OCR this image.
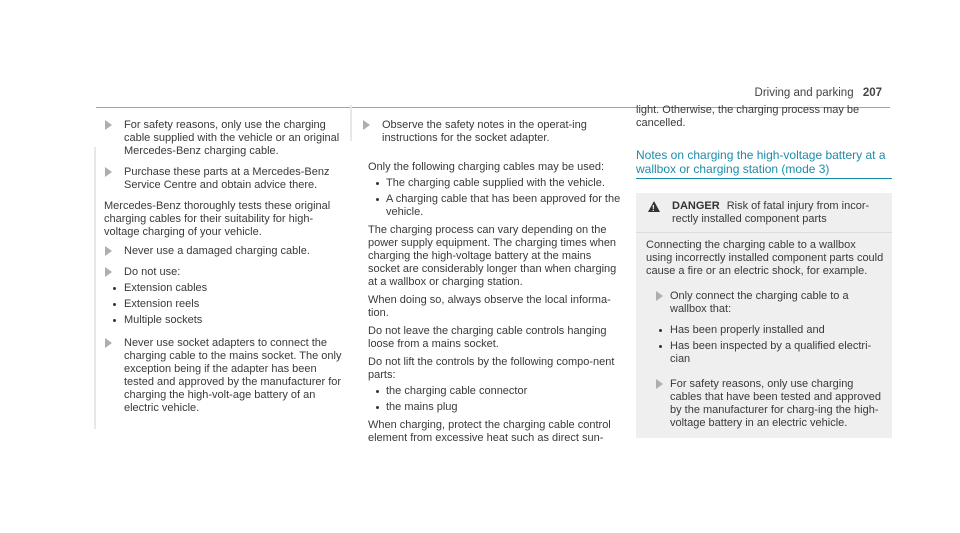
Driving and parking 207
For safety reasons, only use the charging cable supplied with the vehicle or an original Mercedes-Benz charging cable.
Purchase these parts at a Mercedes-Benz Service Centre and obtain advice there.
Mercedes-Benz thoroughly tests these original charging cables for their suitability for high-voltage charging of your vehicle.
Never use a damaged charging cable.
Do not use:
Extension cables
Extension reels
Multiple sockets
Never use socket adapters to connect the charging cable to the mains socket. The only exception being if the adapter has been tested and approved by the manufacturer for charging the high-volt-age battery of an electric vehicle.
Observe the safety notes in the operat-ing instructions for the socket adapter.
Only the following charging cables may be used:
The charging cable supplied with the vehicle.
A charging cable that has been approved for the vehicle.
The charging process can vary depending on the power supply equipment. The charging times when charging the high-voltage battery at the mains socket are considerably longer than when charging at a wallbox or charging station.
When doing so, always observe the local informa-tion.
Do not leave the charging cable controls hanging loose from a mains socket.
Do not lift the controls by the following compo-nent parts:
the charging cable connector
the mains plug
When charging, protect the charging cable control element from excessive heat such as direct sun-
light. Otherwise, the charging process may be cancelled.
Notes on charging the high-voltage battery at a wallbox or charging station (mode 3)
!
DANGER Risk of fatal injury from incor-rectly installed component parts
Connecting the charging cable to a wallbox using incorrectly installed component parts could cause a fire or an electric shock, for example.
Only connect the charging cable to a wallbox that:
Has been properly installed and
Has been inspected by a qualified electri-cian
For safety reasons, only use charging cables that have been tested and approved by the manufacturer for charg-ing the high-voltage battery in an electric vehicle.
